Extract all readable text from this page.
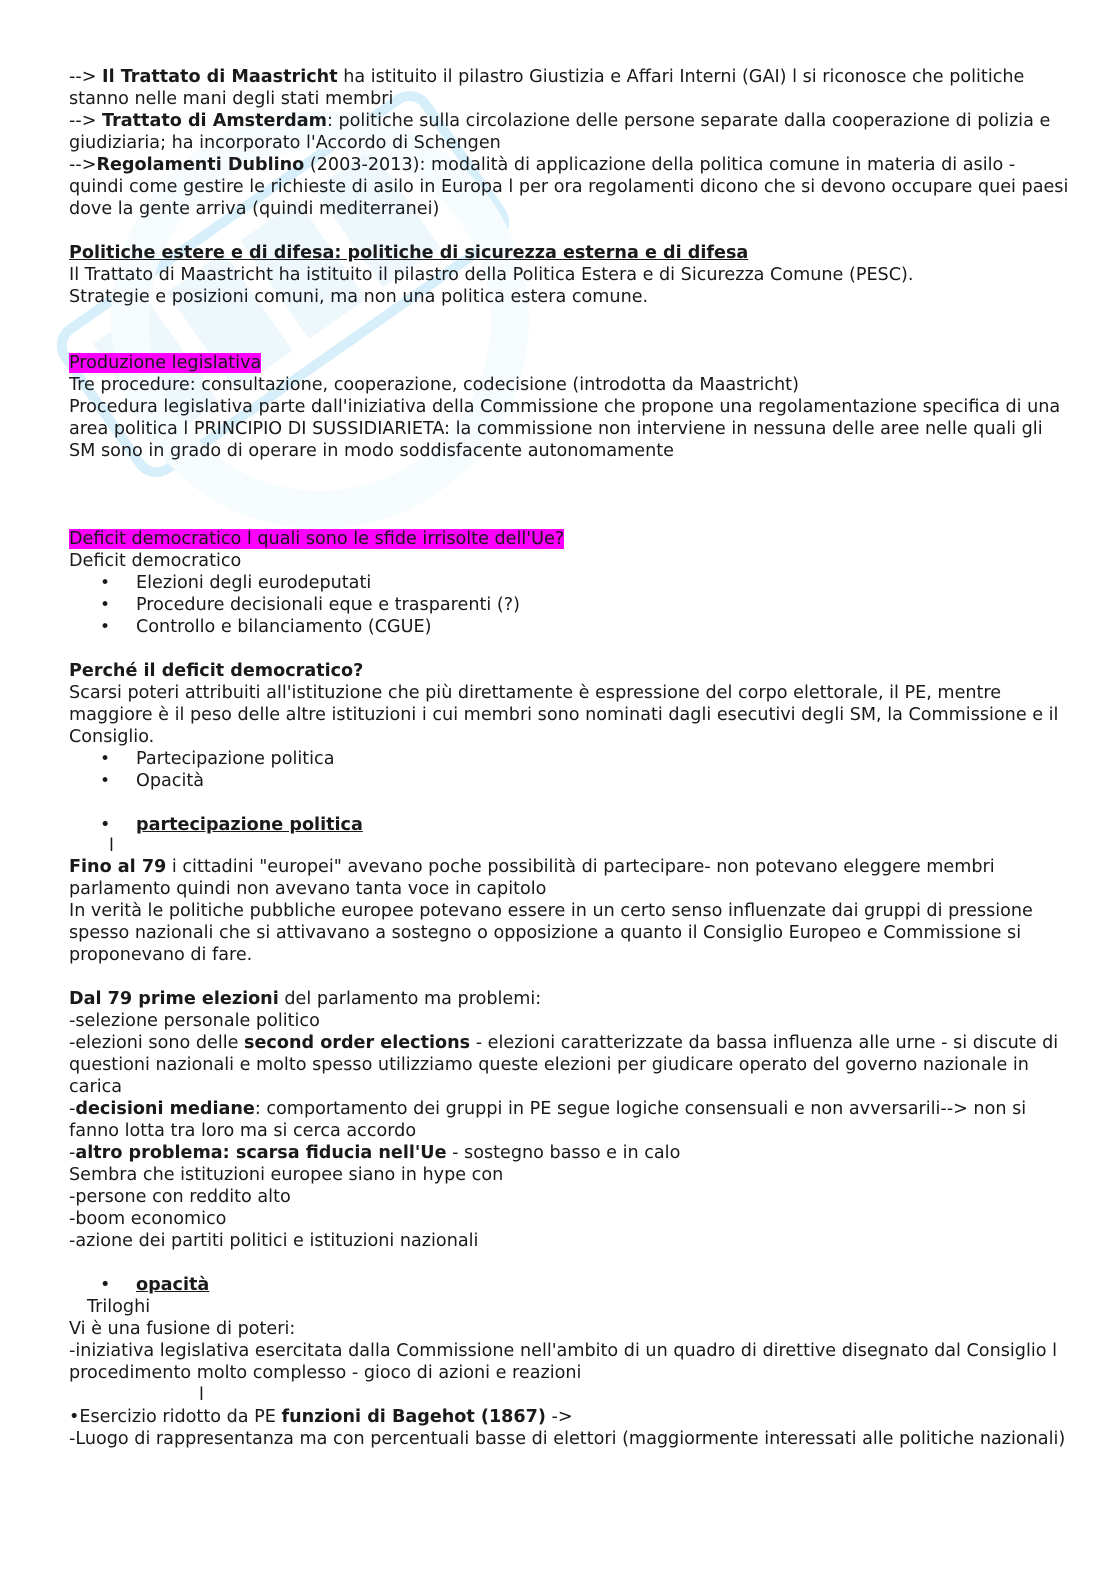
--> Il Trattato di Maastricht ha istituito il pilastro Giustizia e Affari Interni (GAI) l si riconosce che politiche stanno nelle mani degli stati membri

--> Trattato di Amsterdam: politiche sulla circolazione delle persone separate dalla cooperazione di polizia e giudiziaria; ha incorporato l'Accordo di Schengen

-->Regolamenti Dublino (2003-2013): modalità di applicazione della politica comune in materia di asilo - quindi come gestire le richieste di asilo in Europa l per ora regolamenti dicono che si devono occupare quei paesi dove la gente arriva (quindi mediterranei)

Politiche estere e di difesa: politiche di sicurezza esterna e di difesa

Il Trattato di Maastricht ha istituito il pilastro della Politica Estera e di Sicurezza Comune (PESC).

Strategie e posizioni comuni, ma non una politica estera comune.

Produzione legislativa

Tre procedure: consultazione, cooperazione, codecisione (introdotta da Maastricht)

Procedura legislativa parte dall'iniziativa della Commissione che propone una regolamentazione specifica di una area politica l PRINCIPIO DI SUSSIDIARIETA: la commissione non interviene in nessuna delle aree nelle quali gli SM sono in grado di operare in modo soddisfacente autonomamente

Deficit democratico l quali sono le sfide irrisolte dell'Ue?

Deficit democratico

• Elezioni degli eurodeputati
• Procedure decisionali eque e trasparenti (?)
• Controllo e bilanciamento (CGUE)

Perché il deficit democratico?

Scarsi poteri attribuiti all'istituzione che più direttamente è espressione del corpo elettorale, il PE, mentre maggiore è il peso delle altre istituzioni i cui membri sono nominati dagli esecutivi degli SM, la Commissione e il Consiglio.

• Partecipazione politica
• Opacità

• partecipazione politica

l

Fino al 79 i cittadini "europei" avevano poche possibilità di partecipare- non potevano eleggere membri parlamento quindi non avevano tanta voce in capitolo

In verità le politiche pubbliche europee potevano essere in un certo senso influenzate dai gruppi di pressione spesso nazionali che si attivavano a sostegno o opposizione a quanto il Consiglio Europeo e Commissione si proponevano di fare.

Dal 79 prime elezioni del parlamento ma problemi:

-selezione personale politico

-elezioni sono delle second order elections - elezioni caratterizzate da bassa influenza alle urne - si discute di questioni nazionali e molto spesso utilizziamo queste elezioni per giudicare operato del governo nazionale in carica

-decisioni mediane: comportamento dei gruppi in PE segue logiche consensuali e non avversarili--> non si fanno lotta tra loro ma si cerca accordo

-altro problema: scarsa fiducia nell'Ue - sostegno basso e in calo

Sembra che istituzioni europee siano in hype con

-persone con reddito alto

-boom economico

-azione dei partiti politici e istituzioni nazionali

• opacità

Triloghi

Vi è una fusione di poteri:

-iniziativa legislativa esercitata dalla Commissione nell'ambito di un quadro di direttive disegnato dal Consiglio l procedimento molto complesso - gioco di azioni e reazioni

l

•Esercizio ridotto da PE funzioni di Bagehot (1867) ->

-Luogo di rappresentanza ma con percentuali basse di elettori (maggiormente interessati alle politiche nazionali)
